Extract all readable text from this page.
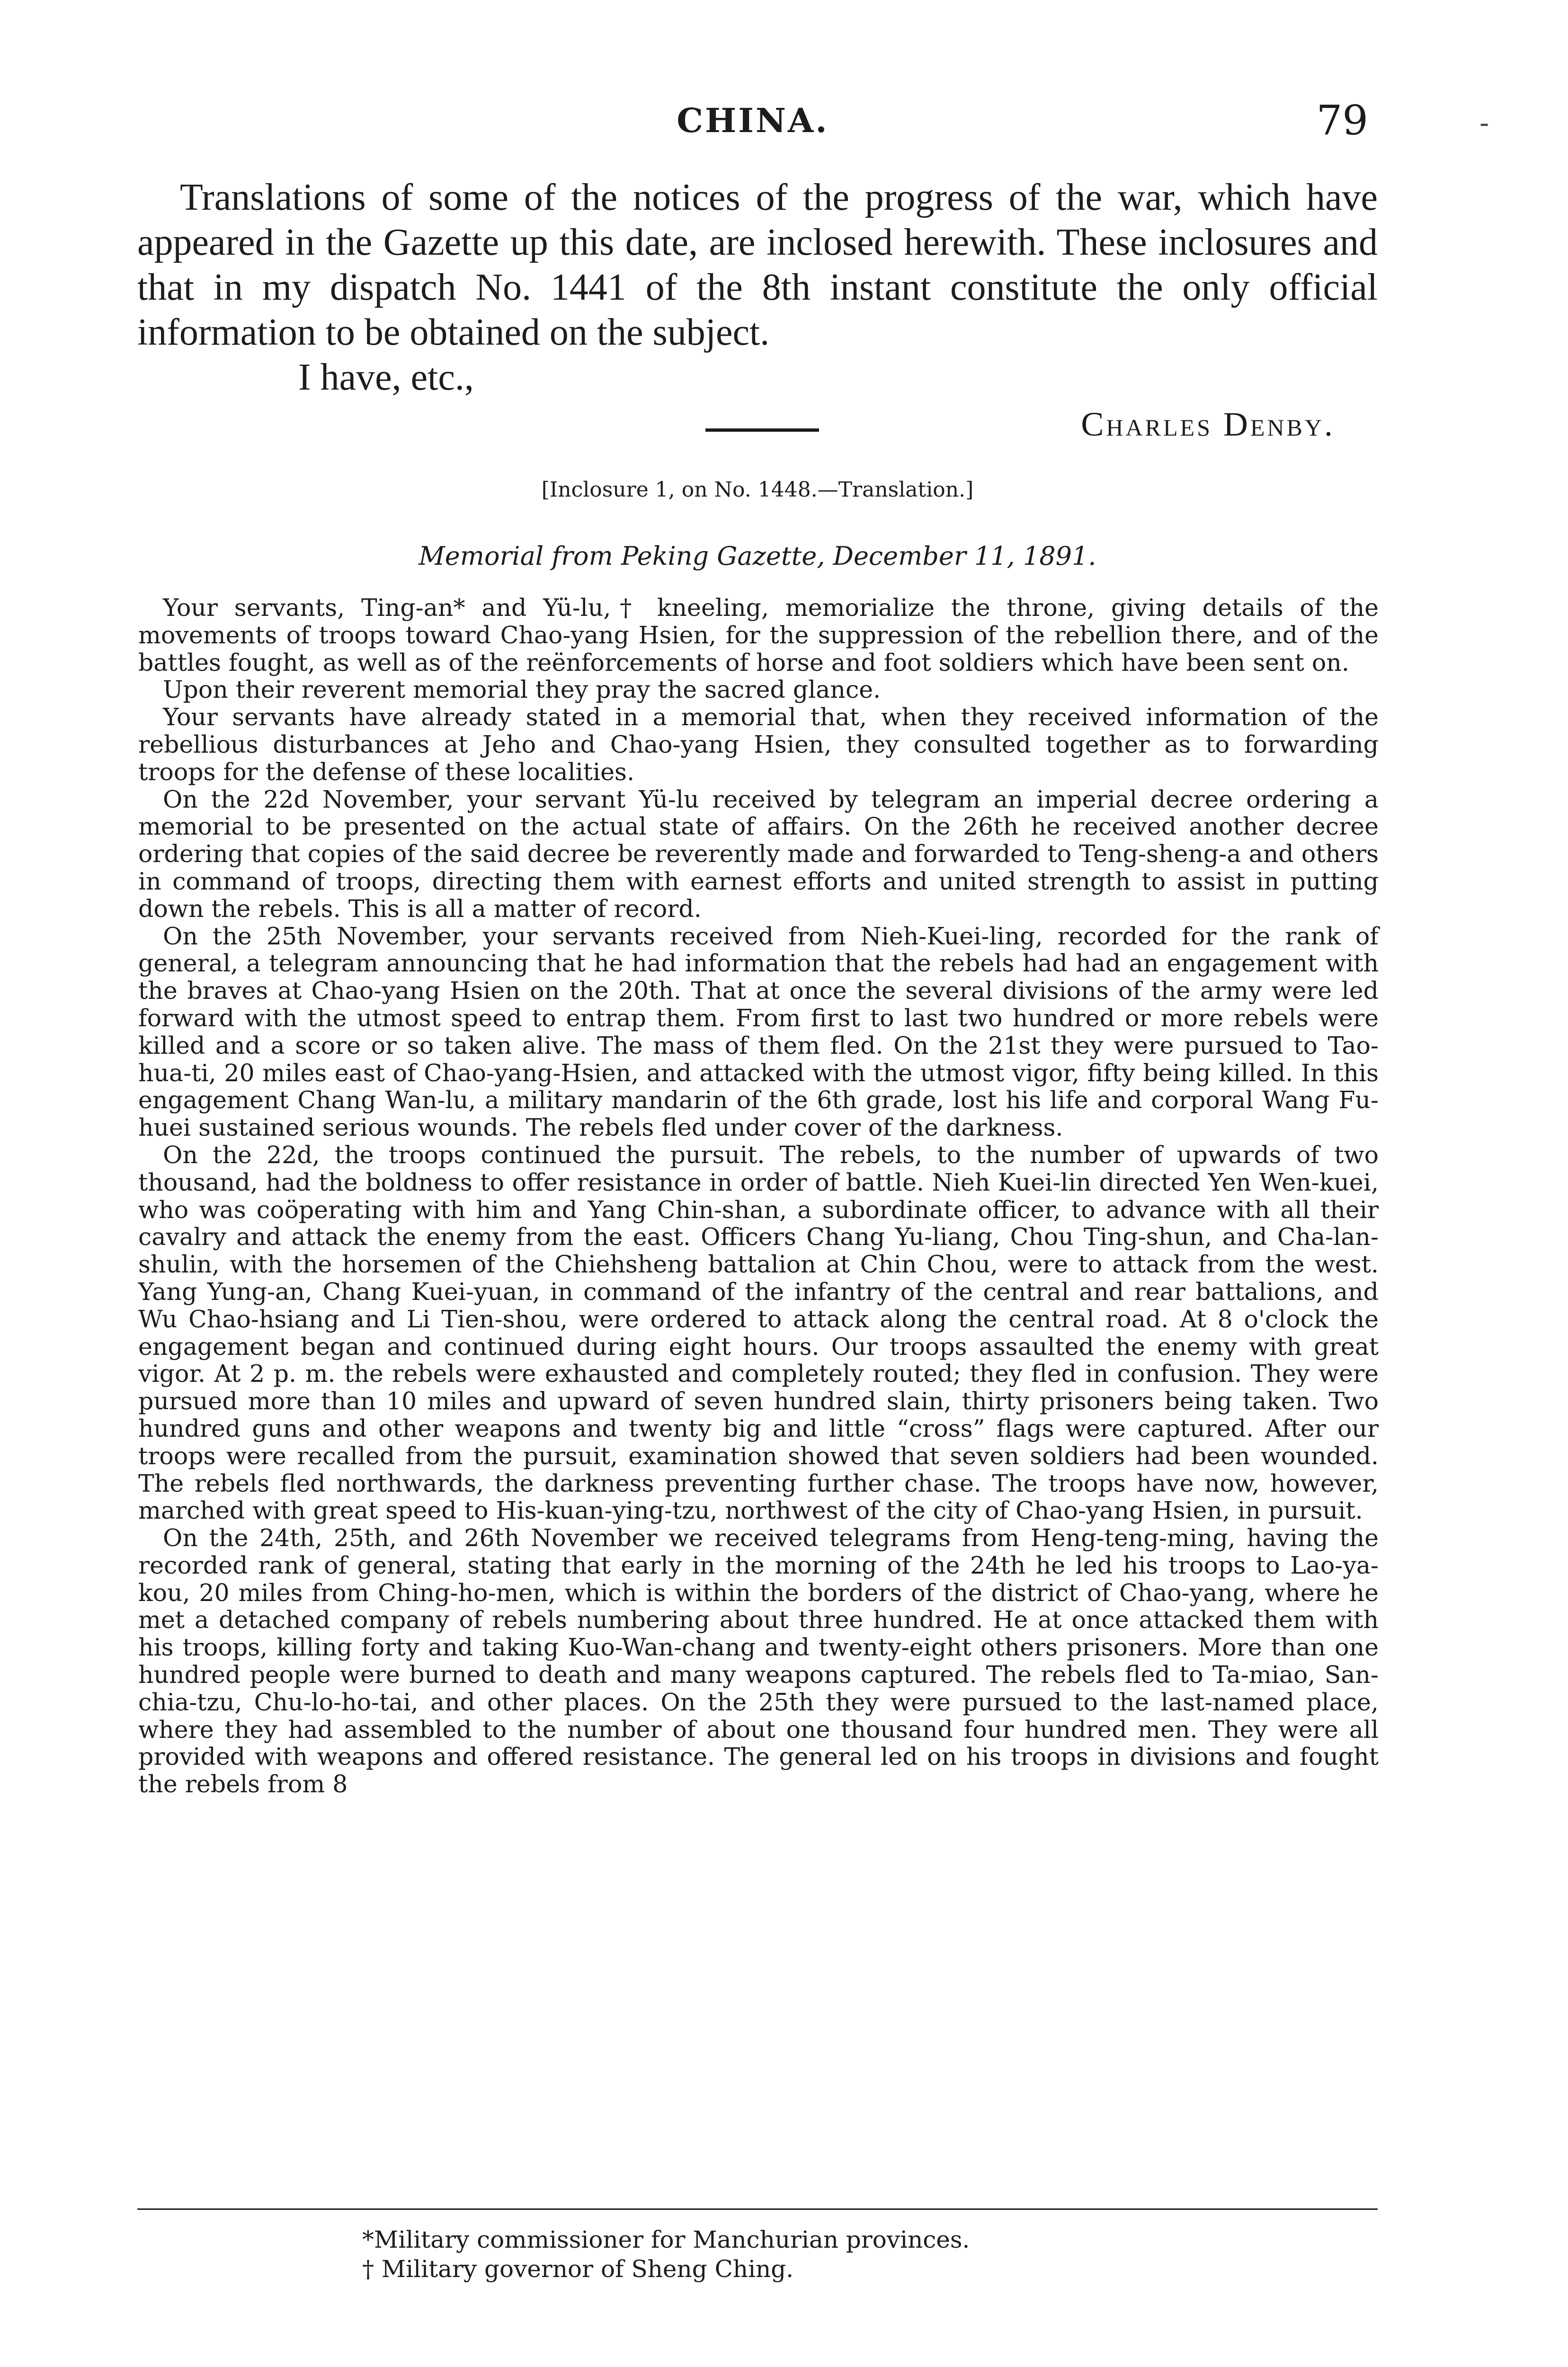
CHINA.	79	-

Translations of some of the notices of the progress of the war, which have appeared in the Gazette up this date, are inclosed herewith. These inclosures and that in my dispatch No. 1441 of the 8th instant constitute the only official information to be obtained on the subject.

I have, etc.,

Charles Denby.
[Inclosure 1, on No. 1448.—Translation.]
Memorial from Peking Gazette, December 11, 1891.

Your servants, Ting-an* and Yü-lu,† kneeling, memorialize the throne, giving details of the movements of troops toward Chao-yang Hsien, for the suppression of the rebellion there, and of the battles fought, as well as of the reënforcements of horse and foot soldiers which have been sent on.

Upon their reverent memorial they pray the sacred glance.

Your servants have already stated in a memorial that, when they received information of the rebellious disturbances at Jeho and Chao-yang Hsien, they consulted together as to forwarding troops for the defense of these localities.

On the 22d November, your servant Yü-lu received by telegram an imperial decree ordering a memorial to be presented on the actual state of affairs. On the 26th he received another decree ordering that copies of the said decree be reverently made and forwarded to Teng-sheng-a and others in command of troops, directing them with earnest efforts and united strength to assist in putting down the rebels. This is all a matter of record.

On the 25th November, your servants received from Nieh-Kuei-ling, recorded for the rank of general, a telegram announcing that he had information that the rebels had had an engagement with the braves at Chao-yang Hsien on the 20th. That at once the several divisions of the army were led forward with the utmost speed to entrap them. From first to last two hundred or more rebels were killed and a score or so taken alive. The mass of them fled. On the 21st they were pursued to Tao-hua-ti, 20 miles east of Chao-yang-Hsien, and attacked with the utmost vigor, fifty being killed. In this engagement Chang Wan-lu, a military mandarin of the 6th grade, lost his life and corporal Wang Fu-huei sustained serious wounds. The rebels fled under cover of the darkness.

On the 22d, the troops continued the pursuit. The rebels, to the number of upwards of two thousand, had the boldness to offer resistance in order of battle. Nieh Kuei-lin directed Yen Wen-kuei, who was coöperating with him and Yang Chin-shan, a subordinate officer, to advance with all their cavalry and attack the enemy from the east. Officers Chang Yu-liang, Chou Ting-shun, and Cha-lan-shulin, with the horsemen of the Chiehsheng battalion at Chin Chou, were to attack from the west. Yang Yung-an, Chang Kuei-yuan, in command of the infantry of the central and rear battalions, and Wu Chao-hsiang and Li Tien-shou, were ordered to attack along the central road. At 8 o'clock the engagement began and continued during eight hours. Our troops assaulted the enemy with great vigor. At 2 p. m. the rebels were exhausted and completely routed; they fled in confusion. They were pursued more than 10 miles and upward of seven hundred slain, thirty prisoners being taken. Two hundred guns and other weapons and twenty big and little “cross” flags were captured. After our troops were recalled from the pursuit, examination showed that seven soldiers had been wounded. The rebels fled northwards, the darkness preventing further chase. The troops have now, however, marched with great speed to His-kuan-ying-tzu, northwest of the city of Chao-yang Hsien, in pursuit.

On the 24th, 25th, and 26th November we received telegrams from Heng-teng-ming, having the recorded rank of general, stating that early in the morning of the 24th he led his troops to Lao-ya-kou, 20 miles from Ching-ho-men, which is within the borders of the district of Chao-yang, where he met a detached company of rebels numbering about three hundred. He at once attacked them with his troops, killing forty and taking Kuo-Wan-chang and twenty-eight others prisoners. More than one hundred people were burned to death and many weapons captured. The rebels fled to Ta-miao, San-chia-tzu, Chu-lo-ho-tai, and other places. On the 25th they were pursued to the last-named place, where they had assembled to the number of about one thousand four hundred men. They were all provided with weapons and offered resistance. The general led on his troops in divisions and fought the rebels from 8

*Military commissioner for Manchurian provinces.

† Military governor of Sheng Ching.
